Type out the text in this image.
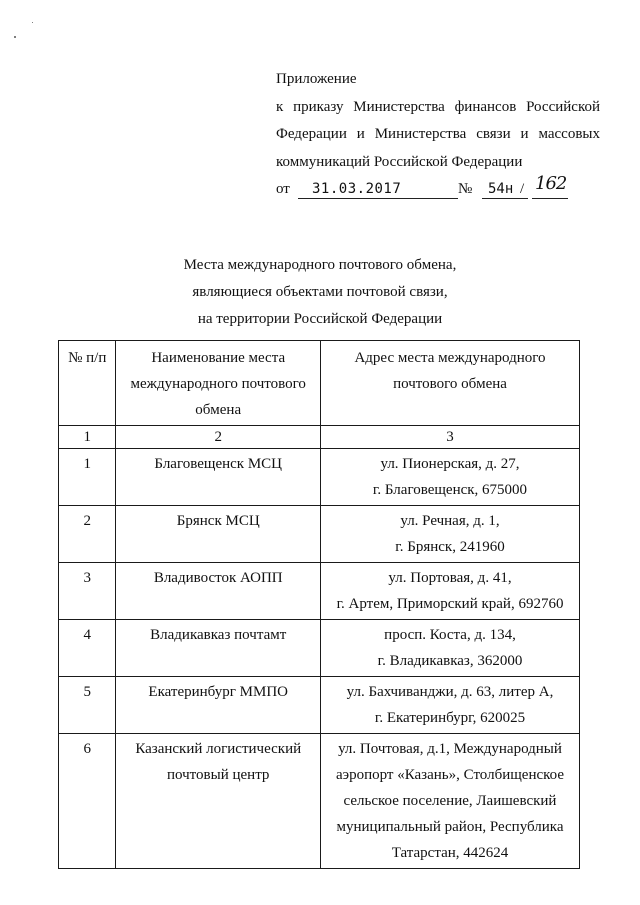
Приложение
к приказу Министерства финансов Российской
Федерации и Министерства связи и массовых
коммуникаций Российской Федерации
от 31.03.2017	№ 54н / 162
Места международного почтового обмена,
являющиеся объектами почтовой связи,
на территории Российской Федерации
№ п/п	Наименование места международного почтового обмена	Адрес места международного почтового обмена
1	2	3
1	Благовещенск МСЦ	ул. Пионерская, д. 27,
г. Благовещенск, 675000

2	Брянск МСЦ	ул. Речная, д. 1,
г. Брянск, 241960

3	Владивосток АОПП	ул. Портовая, д. 41,
г. Артем, Приморский край, 692760

4	Владикавказ почтамт	просп. Коста, д. 134,
г. Владикавказ, 362000

5	Екатеринбург ММПО	ул. Бахчиванджи, д. 63, литер А,
г. Екатеринбург, 620025

6	Казанский логистический
почтовый центр	ул. Почтовая, д.1, Международный
аэропорт «Казань», Столбищенское
сельское поселение, Лаишевский
муниципальный район, Республика
Татарстан, 442624
